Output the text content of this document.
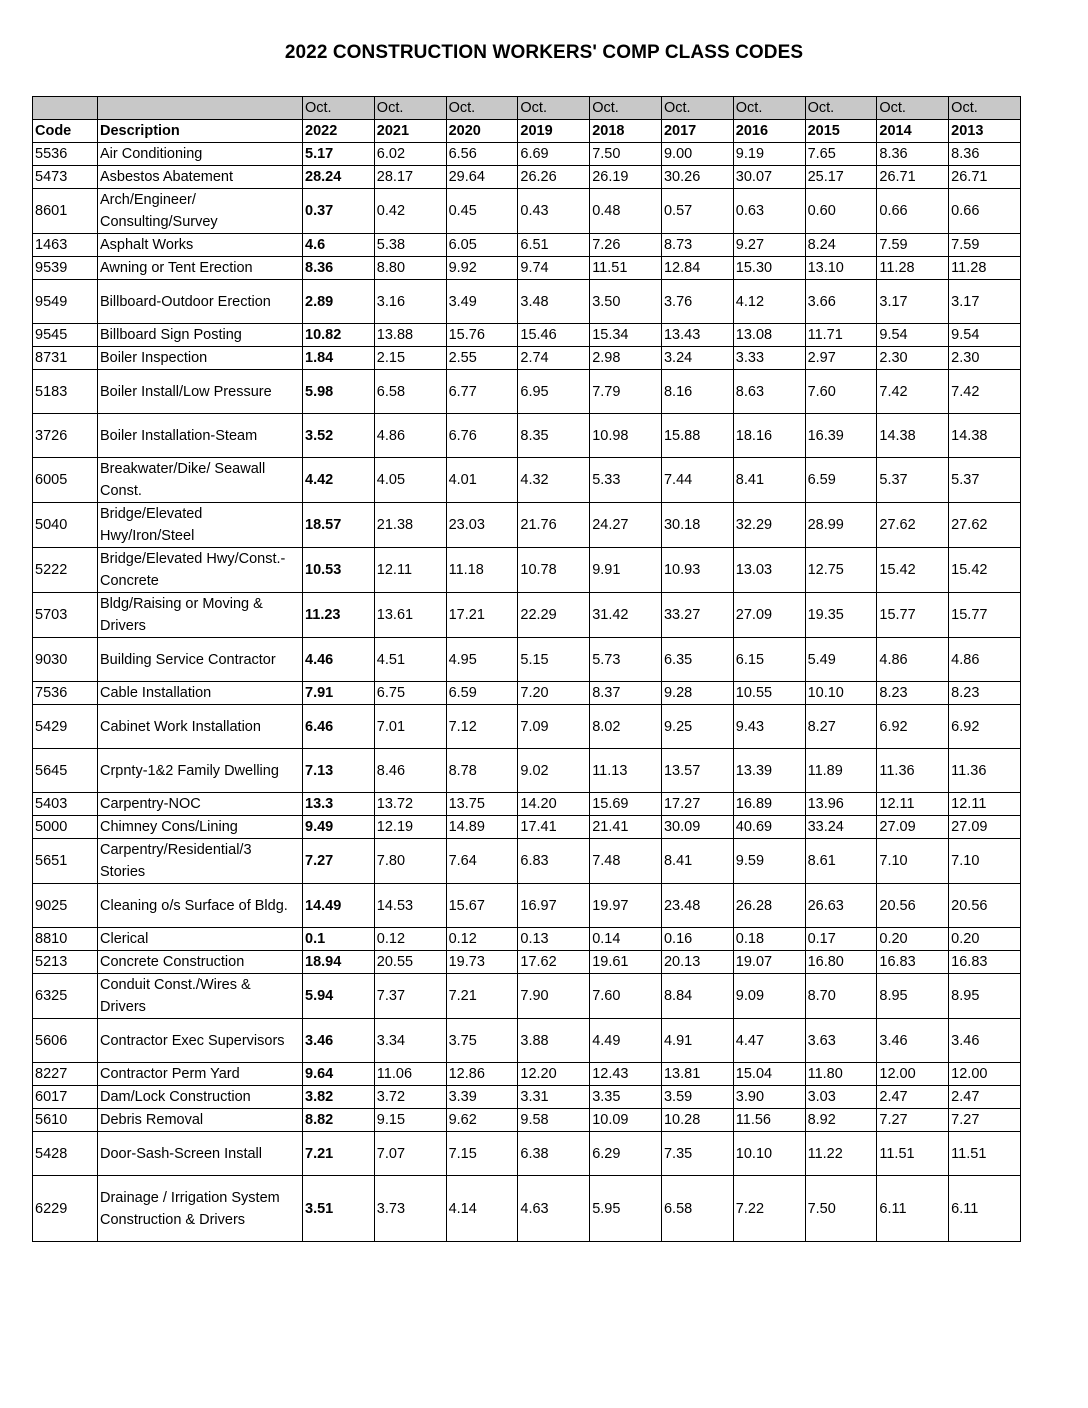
2022 CONSTRUCTION WORKERS' COMP CLASS CODES
		Oct.	Oct.	Oct.	Oct.	Oct.	Oct.	Oct.	Oct.	Oct.	Oct.
Code	Description	2022	2021	2020	2019	2018	2017	2016	2015	2014	2013
5536	Air Conditioning	5.17	6.02	6.56	6.69	7.50	9.00	9.19	7.65	8.36	8.36
5473	Asbestos Abatement	28.24	28.17	29.64	26.26	26.19	30.26	30.07	25.17	26.71	26.71
8601	Arch/Engineer/ Consulting/Survey	0.37	0.42	0.45	0.43	0.48	0.57	0.63	0.60	0.66	0.66
1463	Asphalt Works	4.6	5.38	6.05	6.51	7.26	8.73	9.27	8.24	7.59	7.59
9539	Awning or Tent Erection	8.36	8.80	9.92	9.74	11.51	12.84	15.30	13.10	11.28	11.28
9549	Billboard-Outdoor Erection	2.89	3.16	3.49	3.48	3.50	3.76	4.12	3.66	3.17	3.17
9545	Billboard Sign Posting	10.82	13.88	15.76	15.46	15.34	13.43	13.08	11.71	9.54	9.54
8731	Boiler Inspection	1.84	2.15	2.55	2.74	2.98	3.24	3.33	2.97	2.30	2.30
5183	Boiler Install/Low Pressure	5.98	6.58	6.77	6.95	7.79	8.16	8.63	7.60	7.42	7.42
3726	Boiler Installation-Steam	3.52	4.86	6.76	8.35	10.98	15.88	18.16	16.39	14.38	14.38
6005	Breakwater/Dike/ Seawall Const.	4.42	4.05	4.01	4.32	5.33	7.44	8.41	6.59	5.37	5.37
5040	Bridge/Elevated Hwy/Iron/Steel	18.57	21.38	23.03	21.76	24.27	30.18	32.29	28.99	27.62	27.62
5222	Bridge/Elevated Hwy/Const.- Concrete	10.53	12.11	11.18	10.78	9.91	10.93	13.03	12.75	15.42	15.42
5703	Bldg/Raising or Moving & Drivers	11.23	13.61	17.21	22.29	31.42	33.27	27.09	19.35	15.77	15.77
9030	Building Service Contractor	4.46	4.51	4.95	5.15	5.73	6.35	6.15	5.49	4.86	4.86
7536	Cable Installation	7.91	6.75	6.59	7.20	8.37	9.28	10.55	10.10	8.23	8.23
5429	Cabinet Work Installation	6.46	7.01	7.12	7.09	8.02	9.25	9.43	8.27	6.92	6.92
5645	Crpnty-1&2 Family Dwelling	7.13	8.46	8.78	9.02	11.13	13.57	13.39	11.89	11.36	11.36
5403	Carpentry-NOC	13.3	13.72	13.75	14.20	15.69	17.27	16.89	13.96	12.11	12.11
5000	Chimney Cons/Lining	9.49	12.19	14.89	17.41	21.41	30.09	40.69	33.24	27.09	27.09
5651	Carpentry/Residential/3 Stories	7.27	7.80	7.64	6.83	7.48	8.41	9.59	8.61	7.10	7.10
9025	Cleaning o/s Surface of Bldg.	14.49	14.53	15.67	16.97	19.97	23.48	26.28	26.63	20.56	20.56
8810	Clerical	0.1	0.12	0.12	0.13	0.14	0.16	0.18	0.17	0.20	0.20
5213	Concrete Construction	18.94	20.55	19.73	17.62	19.61	20.13	19.07	16.80	16.83	16.83
6325	Conduit Const./Wires & Drivers	5.94	7.37	7.21	7.90	7.60	8.84	9.09	8.70	8.95	8.95
5606	Contractor Exec Supervisors	3.46	3.34	3.75	3.88	4.49	4.91	4.47	3.63	3.46	3.46
8227	Contractor Perm Yard	9.64	11.06	12.86	12.20	12.43	13.81	15.04	11.80	12.00	12.00
6017	Dam/Lock Construction	3.82	3.72	3.39	3.31	3.35	3.59	3.90	3.03	2.47	2.47
5610	Debris Removal	8.82	9.15	9.62	9.58	10.09	10.28	11.56	8.92	7.27	7.27
5428	Door-Sash-Screen Install	7.21	7.07	7.15	6.38	6.29	7.35	10.10	11.22	11.51	11.51
6229	Drainage / Irrigation System Construction & Drivers	3.51	3.73	4.14	4.63	5.95	6.58	7.22	7.50	6.11	6.11
